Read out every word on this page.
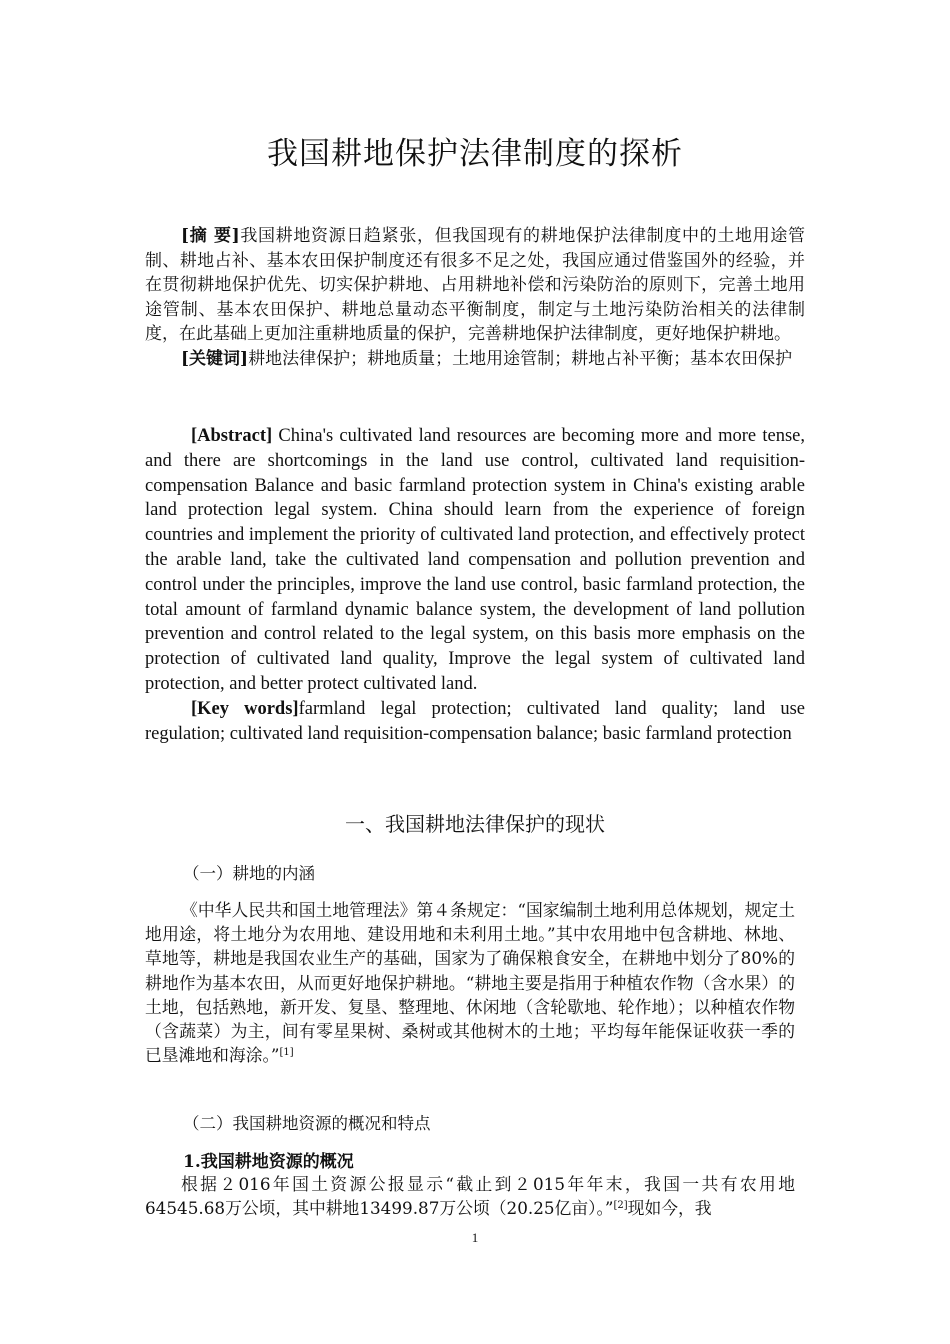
我国耕地保护法律制度的探析

[摘 要]我国耕地资源日趋紧张，但我国现有的耕地保护法律制度中的土地用途管制、耕地占补、基本农田保护制度还有很多不足之处，我国应通过借鉴国外的经验，并在贯彻耕地保护优先、切实保护耕地、占用耕地补偿和污染防治的原则下，完善土地用途管制、基本农田保护、耕地总量动态平衡制度，制定与土地污染防治相关的法律制度，在此基础上更加注重耕地质量的保护，完善耕地保护法律制度，更好地保护耕地。

[关键词]耕地法律保护；耕地质量；土地用途管制；耕地占补平衡；基本农田保护

[Abstract] China's cultivated land resources are becoming more and more tense, and there are shortcomings in the land use control, cultivated land requisition-compensation Balance and basic farmland protection system in China's existing arable land protection legal system. China should learn from the experience of foreign countries and implement the priority of cultivated land protection, and effectively protect the arable land, take the cultivated land compensation and pollution prevention and control under the principles, improve the land use control, basic farmland protection, the total amount of farmland dynamic balance system, the development of land pollution prevention and control related to the legal system, on this basis more emphasis on the protection of cultivated land quality, Improve the legal system of cultivated land protection, and better protect cultivated land.

[Key words]farmland legal protection; cultivated land quality; land use regulation; cultivated land requisition-compensation balance; basic farmland protection

一、我国耕地法律保护的现状
（一）耕地的内涵

《中华人民共和国土地管理法》第４条规定：“国家编制土地利用总体规划，规定土地用途，将土地分为农用地、建设用地和未利用土地。”其中农用地中包含耕地、林地、草地等，耕地是我国农业生产的基础，国家为了确保粮食安全，在耕地中划分了80%的耕地作为基本农田，从而更好地保护耕地。“耕地主要是指用于种植农作物（含水果）的土地，包括熟地，新开发、复垦、整理地、休闲地（含轮歇地、轮作地）；以种植农作物（含蔬菜）为主，间有零星果树、桑树或其他树木的土地；平均每年能保证收获一季的已垦滩地和海涂。”[1]

（二）我国耕地资源的概况和特点
1.我国耕地资源的概况

根据２016年国土资源公报显示“截止到２015年年末，我国一共有农用地64545.68万公顷，其中耕地13499.87万公顷（20.25亿亩）。”[2]现如今，我

1
